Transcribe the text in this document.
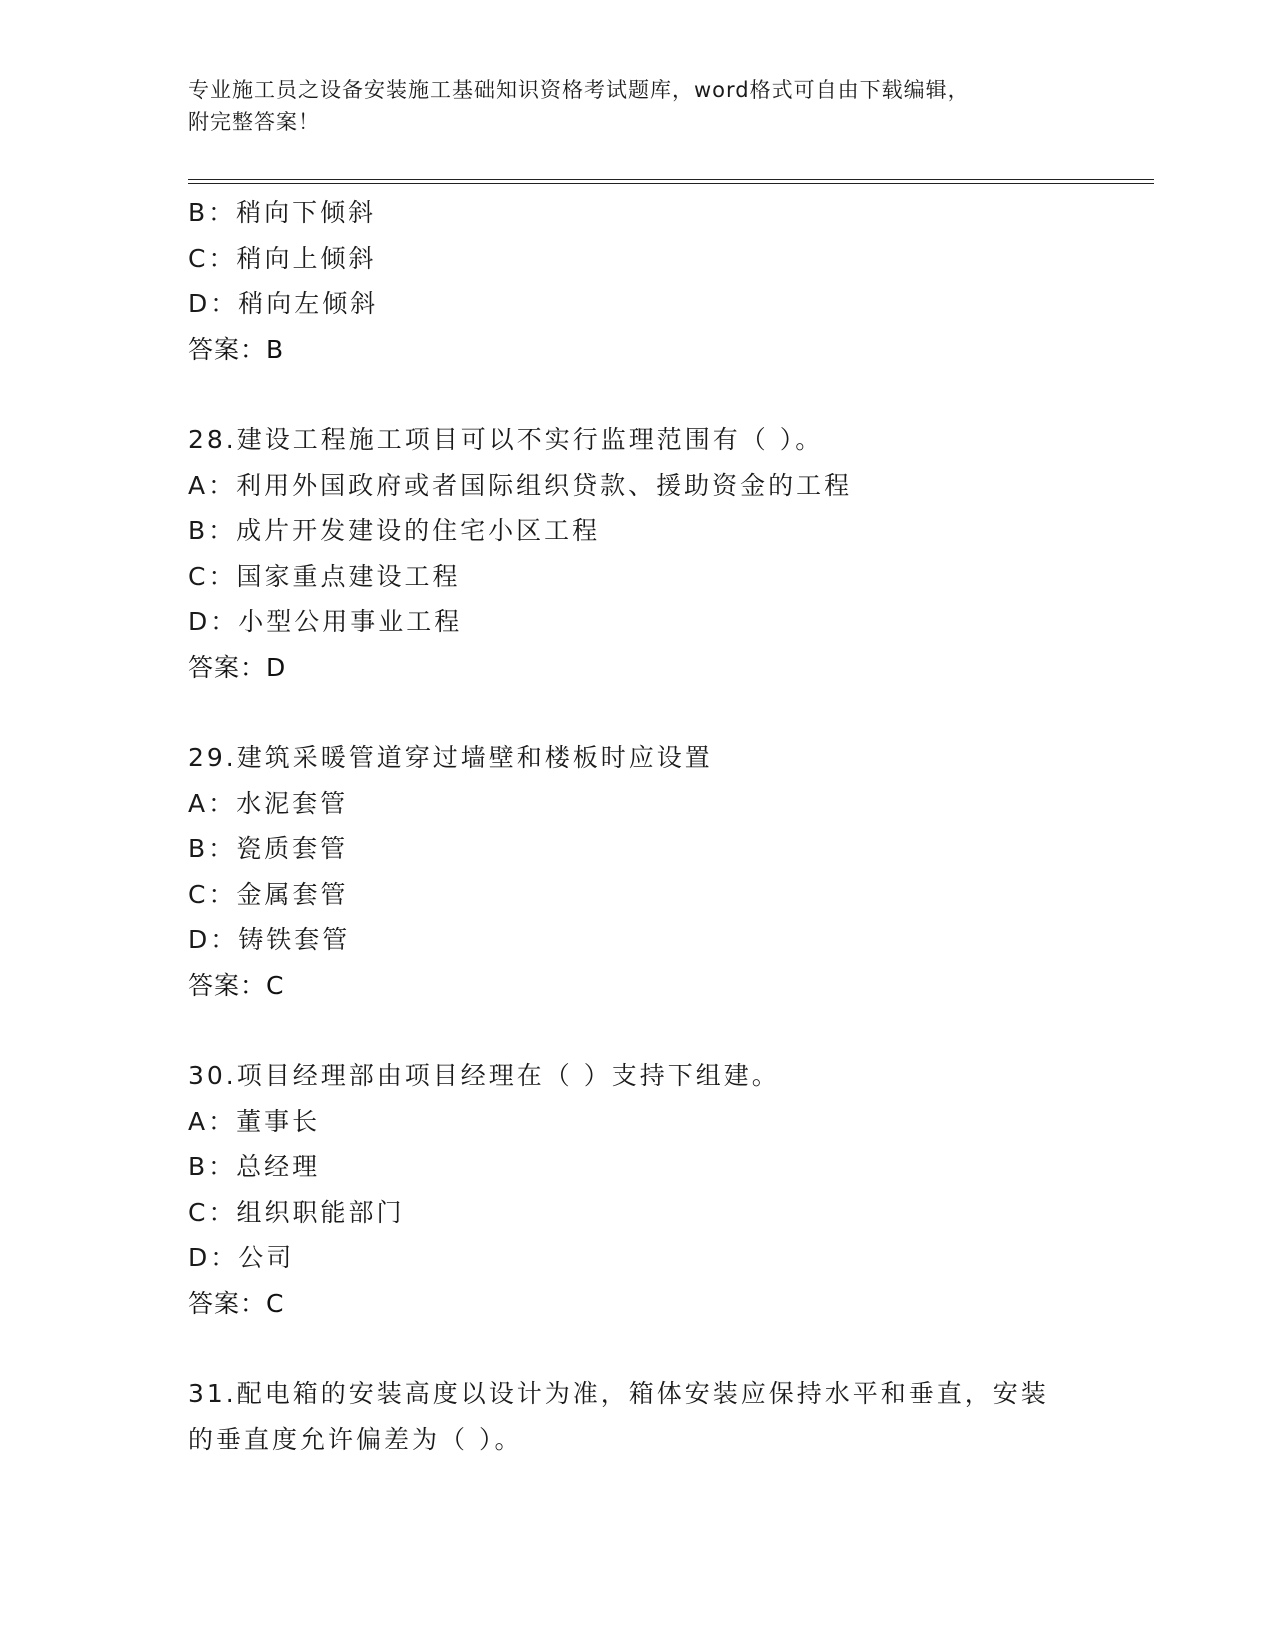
专业施工员之设备安装施工基础知识资格考试题库，word格式可自由下载编辑，
附完整答案！
B：稍向下倾斜
C：稍向上倾斜
D：稍向左倾斜
答案：B
28.建设工程施工项目可以不实行监理范围有（ ）。
A：利用外国政府或者国际组织贷款、援助资金的工程
B：成片开发建设的住宅小区工程
C：国家重点建设工程
D：小型公用事业工程
答案：D
29.建筑采暖管道穿过墙壁和楼板时应设置
A：水泥套管
B：瓷质套管
C：金属套管
D：铸铁套管
答案：C
30.项目经理部由项目经理在（ ）支持下组建。
A：董事长
B：总经理
C：组织职能部门
D：公司
答案：C
31.配电箱的安装高度以设计为准，箱体安装应保持水平和垂直，安装
的垂直度允许偏差为（ ）。
